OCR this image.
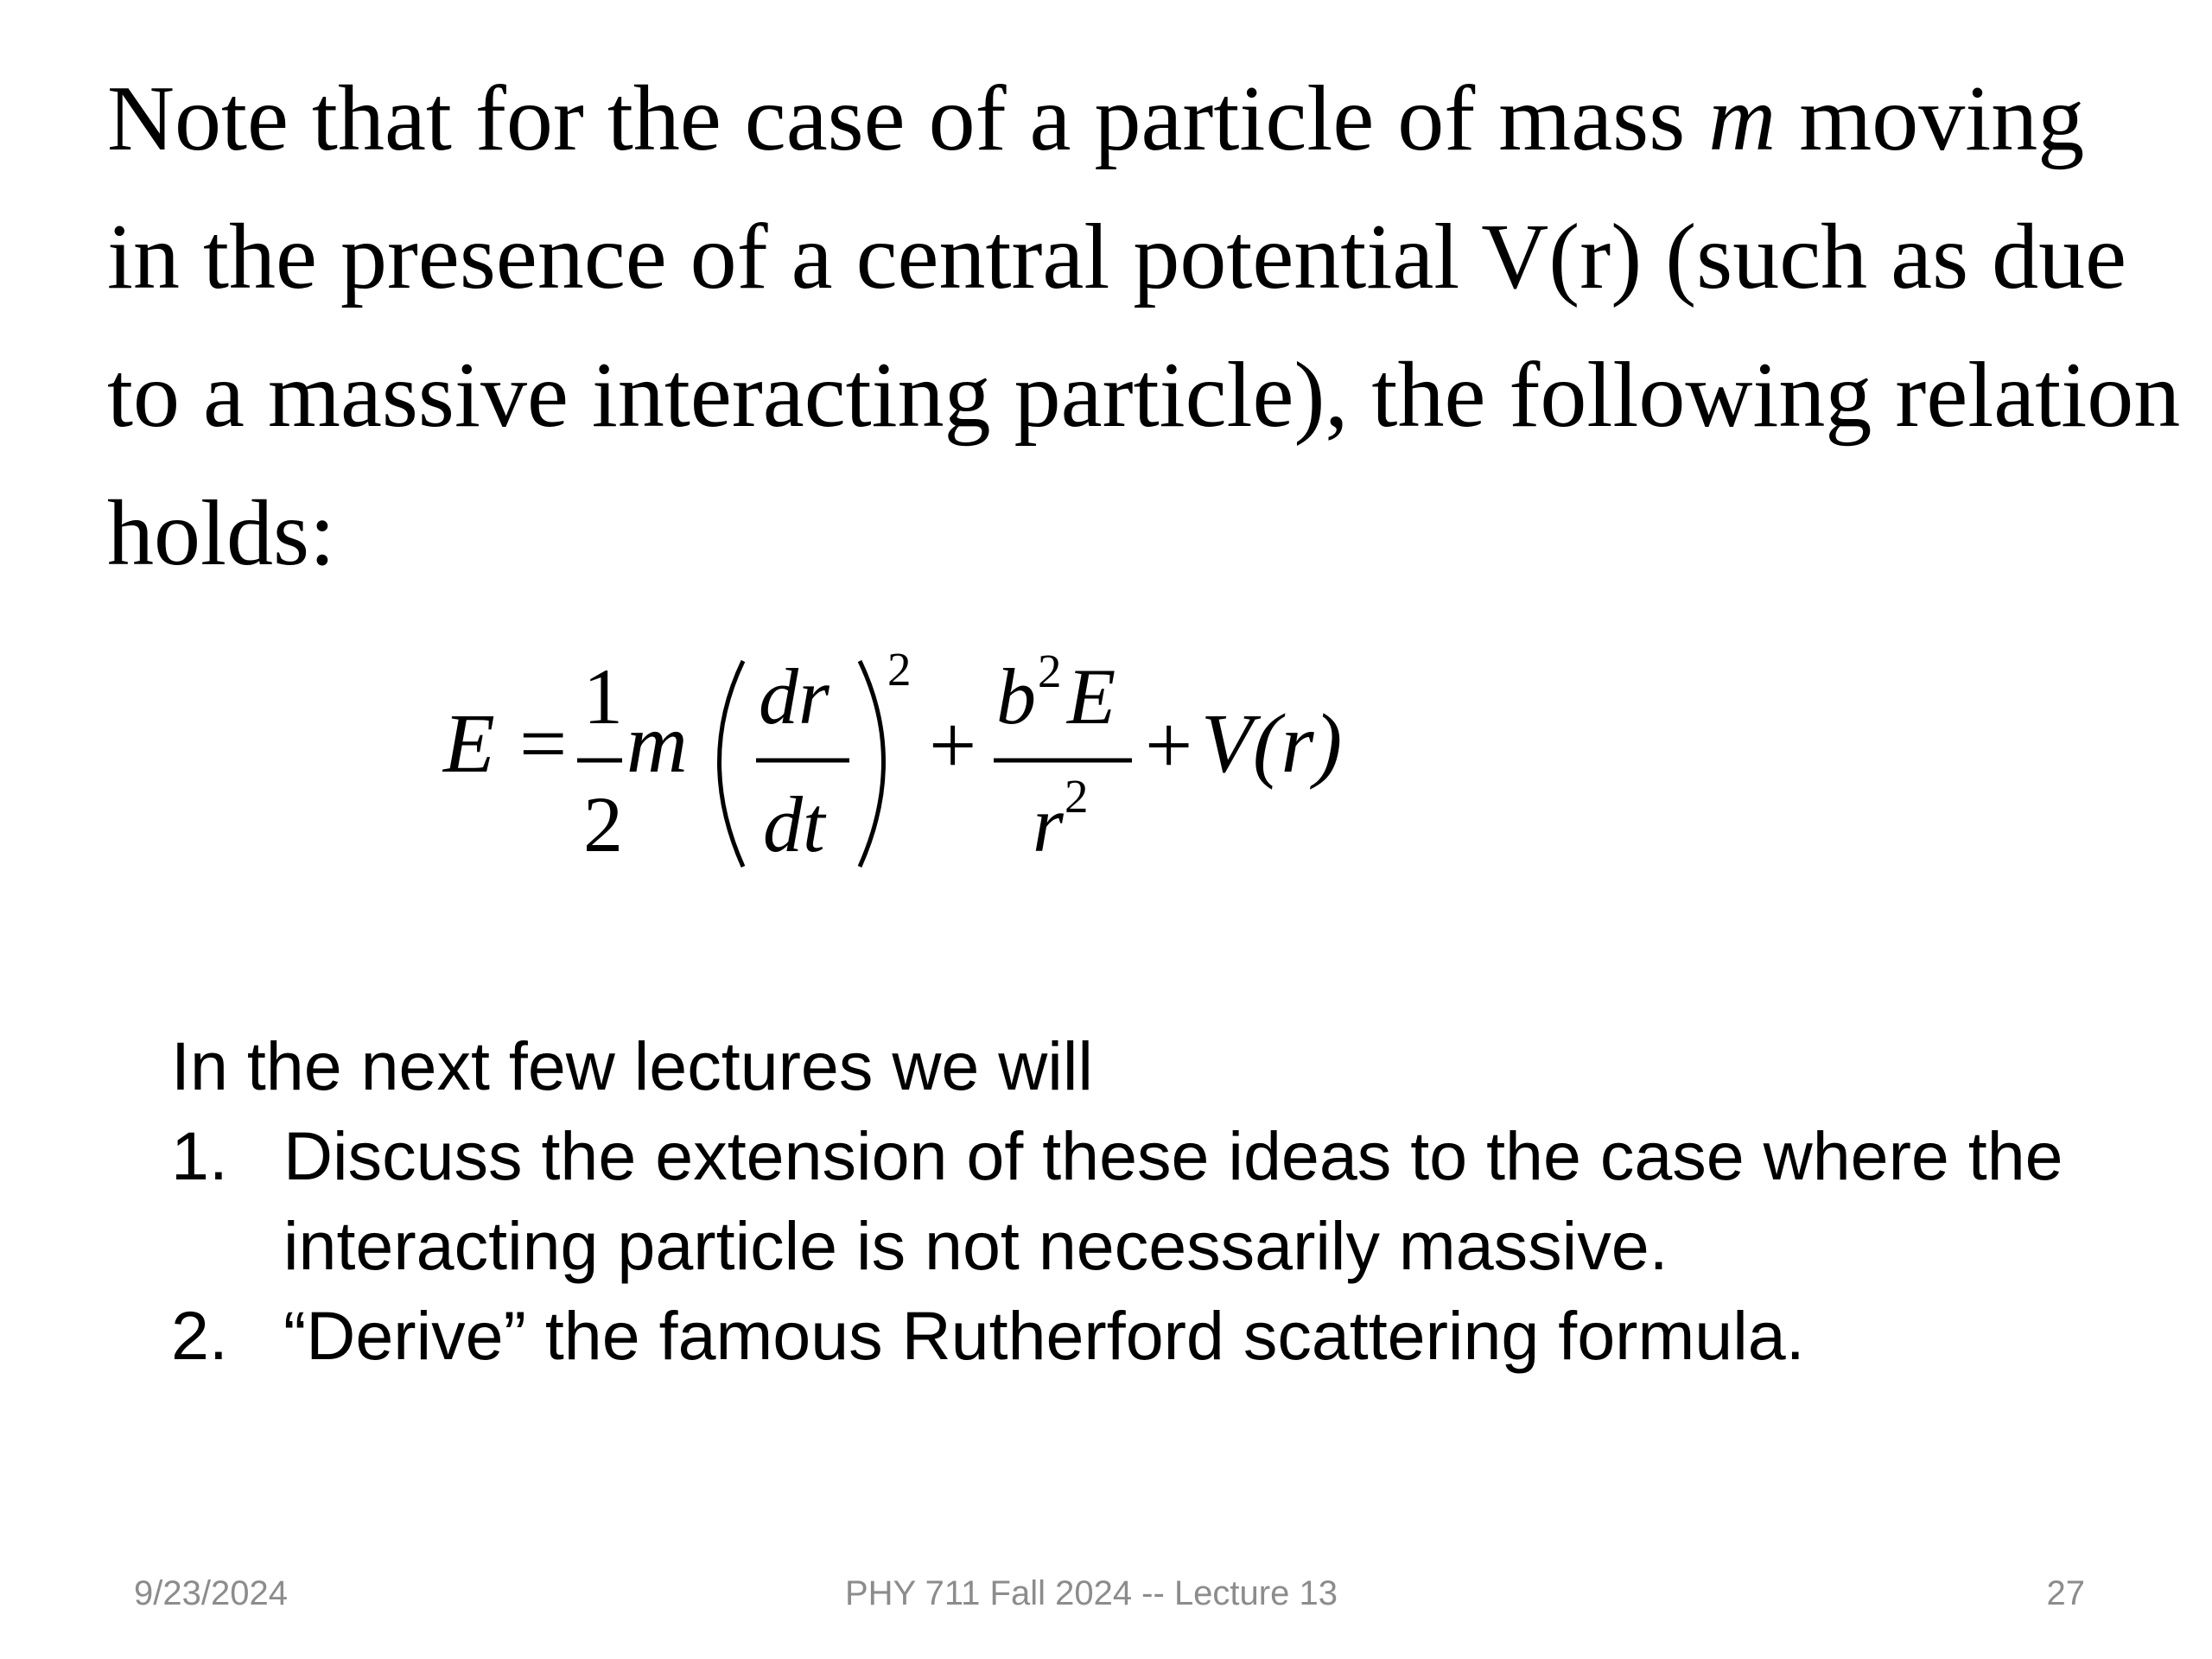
Note that for the case of a particle of mass m moving
in the presence of a central potential V(r) (such as due
to a massive interacting particle), the following relation
holds:
E =
1
2
m
dr
dt
2
+
b 2 E
r 2
+ V(r)
In the next few lectures we will
1. Discuss the extension of these ideas to the case where the interacting particle is not necessarily massive.
2. “Derive” the famous Rutherford scattering formula.
9/23/2024	PHY 711 Fall 2024 -- Lecture 13	27
